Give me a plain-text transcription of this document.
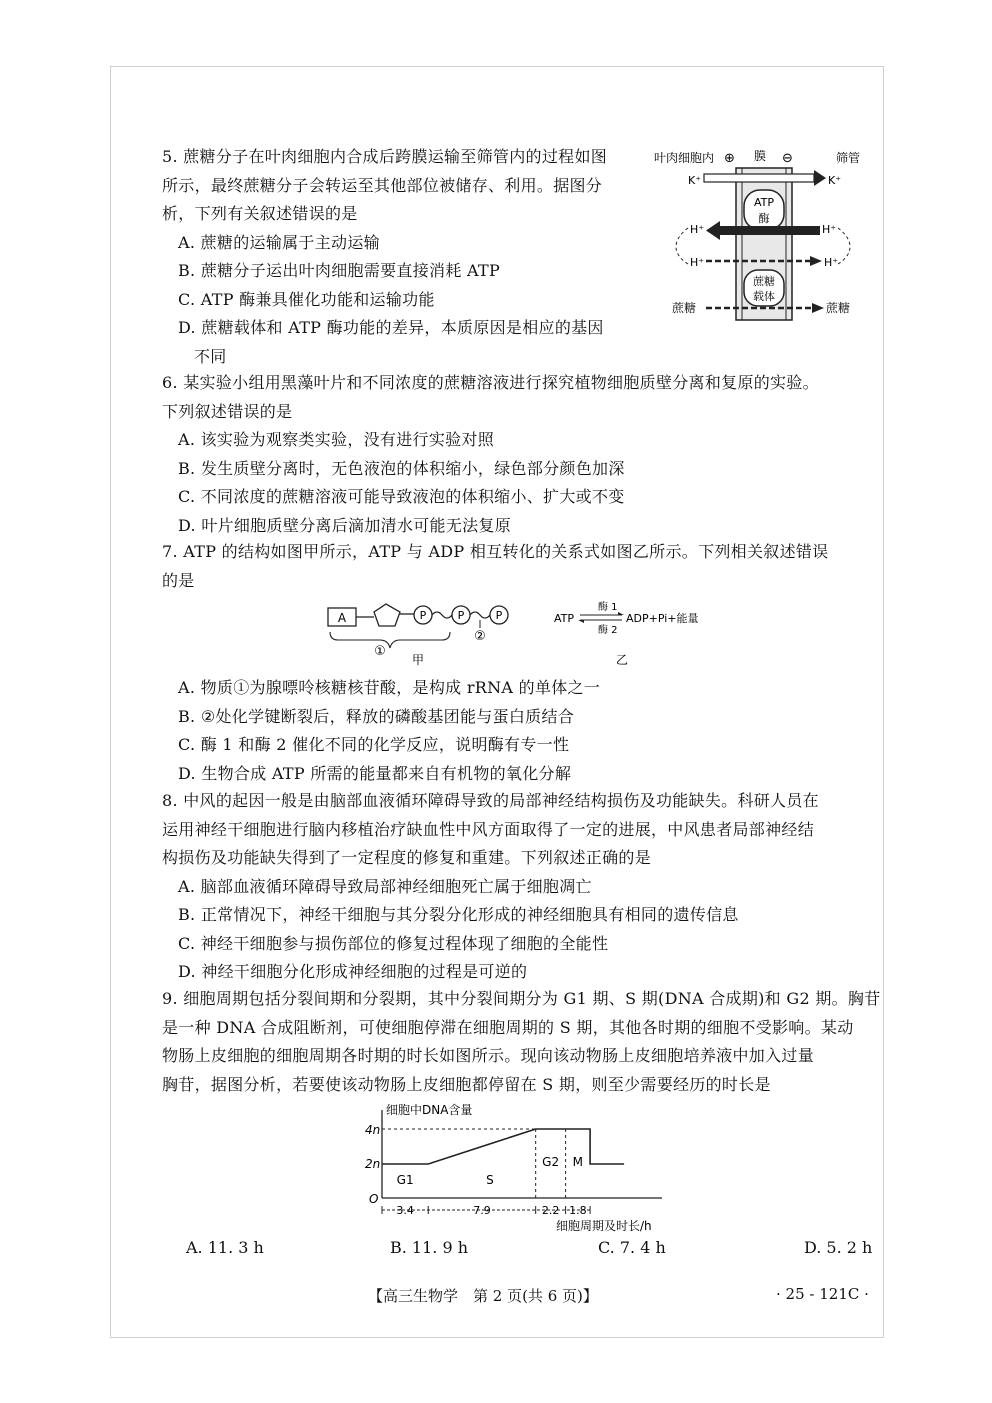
5. 蔗糖分子在叶肉细胞内合成后跨膜运输至筛管内的过程如图
所示，最终蔗糖分子会转运至其他部位被储存、利用。据图分
析，下列有关叙述错误的是
A. 蔗糖的运输属于主动运输
B. 蔗糖分子运出叶肉细胞需要直接消耗 ATP
C. ATP 酶兼具催化功能和运输功能
D. 蔗糖载体和 ATP 酶功能的差异，本质原因是相应的基因
不同
叶肉细胞内 ⊕ 膜 ⊖	筛管
K⁺	K⁺
ATP
酶
H⁺	H⁺
H⁺	H⁺
蔗糖
载体
蔗糖	蔗糖
6. 某实验小组用黑藻叶片和不同浓度的蔗糖溶液进行探究植物细胞质壁分离和复原的实验。
下列叙述错误的是
A. 该实验为观察类实验，没有进行实验对照
B. 发生质壁分离时，无色液泡的体积缩小，绿色部分颜色加深
C. 不同浓度的蔗糖溶液可能导致液泡的体积缩小、扩大或不变
D. 叶片细胞质壁分离后滴加清水可能无法复原
7. ATP 的结构如图甲所示，ATP 与 ADP 相互转化的关系式如图乙所示。下列相关叙述错误
的是
A	P	P	P
②
①
甲
ATP
酶 1
酶 2
ADP+Pi+能量
乙
A. 物质①为腺嘌呤核糖核苷酸，是构成 rRNA 的单体之一
B. ②处化学键断裂后，释放的磷酸基团能与蛋白质结合
C. 酶 1 和酶 2 催化不同的化学反应，说明酶有专一性
D. 生物合成 ATP 所需的能量都来自有机物的氧化分解
8. 中风的起因一般是由脑部血液循环障碍导致的局部神经结构损伤及功能缺失。科研人员在
运用神经干细胞进行脑内移植治疗缺血性中风方面取得了一定的进展，中风患者局部神经结
构损伤及功能缺失得到了一定程度的修复和重建。下列叙述正确的是
A. 脑部血液循环障碍导致局部神经细胞死亡属于细胞凋亡
B. 正常情况下，神经干细胞与其分裂分化形成的神经细胞具有相同的遗传信息
C. 神经干细胞参与损伤部位的修复过程体现了细胞的全能性
D. 神经干细胞分化形成神经细胞的过程是可逆的
9. 细胞周期包括分裂间期和分裂期，其中分裂间期分为 G1 期、S 期(DNA 合成期)和 G2 期。胸苷
是一种 DNA 合成阻断剂，可使细胞停滞在细胞周期的 S 期，其他各时期的细胞不受影响。某动
物肠上皮细胞的细胞周期各时期的时长如图所示。现向该动物肠上皮细胞培养液中加入过量
胸苷，据图分析，若要使该动物肠上皮细胞都停留在 S 期，则至少需要经历的时长是
细胞中DNA含量
4n
2n
O
细胞周期及时长/h
G1	S
G2 M
3.4	7.9	2.2 1.8
A. 11. 3 h	B. 11. 9 h	C. 7. 4 h	D. 5. 2 h
【高三生物学　第 2 页(共 6 页)】	· 25 - 121C ·
